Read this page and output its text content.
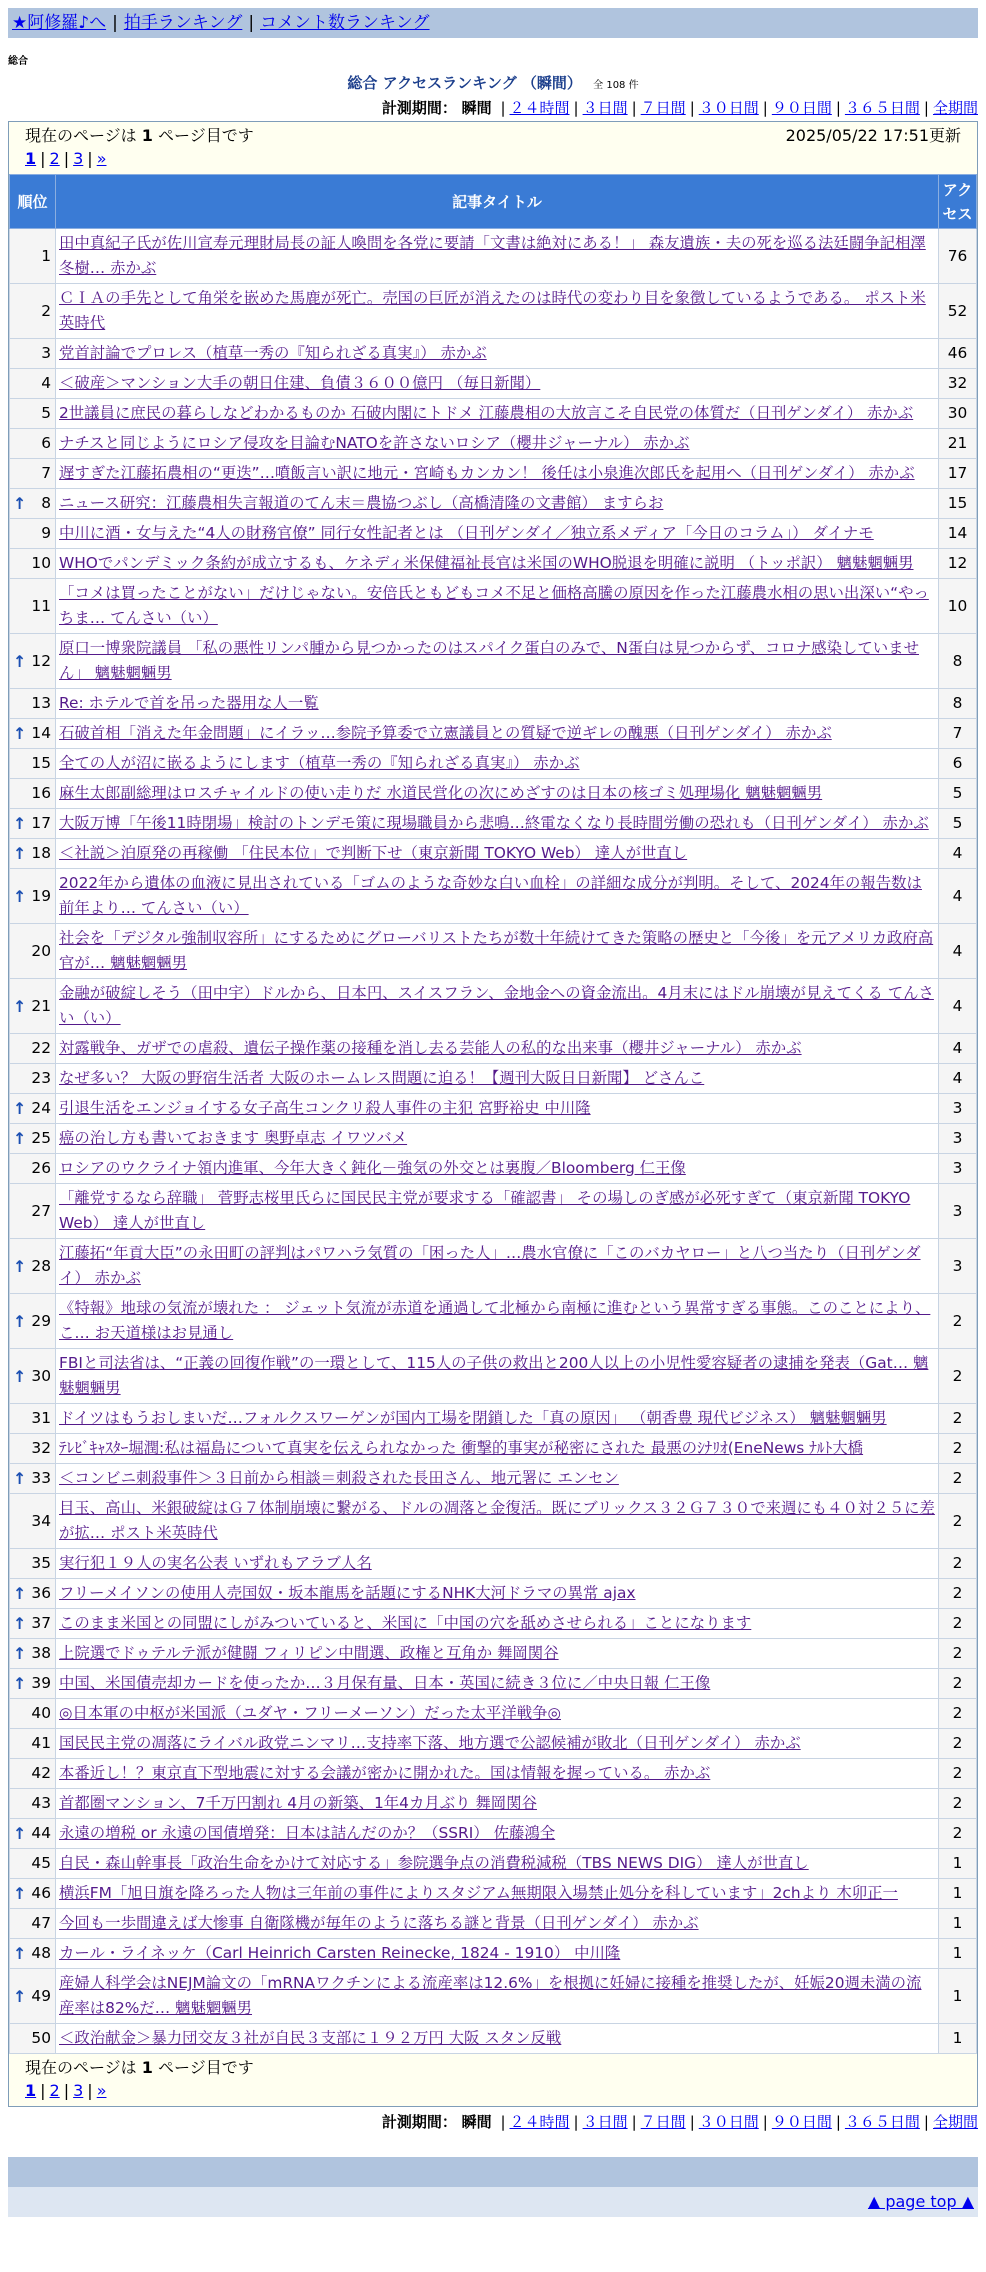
★阿修羅♪へ | 拍手ランキング | コメント数ランキング
総合
総合 アクセスランキング （瞬間） 全 108 件
計測期間： 瞬間 | ２４時間 | ３日間 | ７日間 | ３０日間 | ９０日間 | ３６５日間 | 全期間
現在のページは 1 ページ目です	2025/05/22 17:51更新
1 | 2 | 3 | »
順位	記事タイトル	アクセス
1	田中真紀子氏が佐川宣寿元理財局長の証人喚問を各党に要請「文書は絶対にある！」 森友遺族・夫の死を巡る法廷闘争記相澤冬樹… 赤かぶ	76
2	ＣＩＡの手先として角栄を嵌めた馬鹿が死亡。売国の巨匠が消えたのは時代の変わり目を象徴しているようである。 ポスト米英時代	52
3	党首討論でプロレス（植草一秀の『知られざる真実』） 赤かぶ	46
4	＜破産＞マンション大手の朝日住建、負債３６００億円 （毎日新聞）	32
5	2世議員に庶民の暮らしなどわかるものか 石破内閣にトドメ 江藤農相の大放言こそ自民党の体質だ（日刊ゲンダイ） 赤かぶ	30
6	ナチスと同じようにロシア侵攻を目論むNATOを許さないロシア（櫻井ジャーナル） 赤かぶ	21
7	遅すぎた江藤拓農相の“更迭”…噴飯言い訳に地元・宮崎もカンカン！ 後任は小泉進次郎氏を起用へ（日刊ゲンダイ） 赤かぶ	17

↑ 8	ニュース研究：江藤農相失言報道のてん末＝農協つぶし（高橋清隆の文書館） ますらお	15
9	中川に酒・女与えた“4人の財務官僚” 同行女性記者とは （日刊ゲンダイ／独立系メディア「今日のコラム」） ダイナモ	14
10	WHOでパンデミック条約が成立するも、ケネディ米保健福祉長官は米国のWHO脱退を明確に説明 （トッポ訳） 魑魅魍魎男	12
11	「コメは買ったことがない」だけじゃない。安倍氏ともどもコメ不足と価格高騰の原因を作った江藤農水相の思い出深い“やっちま… てんさい（い）	10

↑ 12	原口一博衆院議員 「私の悪性リンパ腫から見つかったのはスパイク蛋白のみで、N蛋白は見つからず、コロナ感染していません」 魑魅魍魎男	8
13	Re: ホテルで首を吊った器用な人一覧	8

↑ 14	石破首相「消えた年金問題」にイラッ…参院予算委で立憲議員との質疑で逆ギレの醜悪（日刊ゲンダイ） 赤かぶ	7
15	全ての人が沼に嵌るようにします（植草一秀の『知られざる真実』） 赤かぶ	6
16	麻生太郎副総理はロスチャイルドの使い走りだ 水道民営化の次にめざすのは日本の核ゴミ処理場化 魑魅魍魎男	5

↑ 17	大阪万博「午後11時閉場」検討のトンデモ策に現場職員から悲鳴…終電なくなり長時間労働の恐れも（日刊ゲンダイ） 赤かぶ	5

↑ 18	＜社説＞泊原発の再稼働 「住民本位」で判断下せ（東京新聞 TOKYO Web） 達人が世直し	4

↑ 19	2022年から遺体の血液に見出されている「ゴムのような奇妙な白い血栓」の詳細な成分が判明。そして、2024年の報告数は前年より… てんさい（い）	4
20	社会を「デジタル強制収容所」にするためにグローバリストたちが数十年続けてきた策略の歴史と「今後」を元アメリカ政府高官が… 魑魅魍魎男	4

↑ 21	金融が破綻しそう（田中宇）ドルから、日本円、スイスフラン、金地金への資金流出。4月末にはドル崩壊が見えてくる てんさい（い）	4
22	対露戦争、ガザでの虐殺、遺伝子操作薬の接種を消し去る芸能人の私的な出来事（櫻井ジャーナル） 赤かぶ	4
23	なぜ多い？ 大阪の野宿生活者 大阪のホームレス問題に迫る！【週刊大阪日日新聞】 どさんこ	4

↑ 24	引退生活をエンジョイする女子高生コンクリ殺人事件の主犯 宮野裕史 中川隆	3

↑ 25	癌の治し方も書いておきます 奥野卓志 イワツバメ	3
26	ロシアのウクライナ領内進軍、今年大きく鈍化－強気の外交とは裏腹／Bloomberg 仁王像	3
27	「離党するなら辞職」 菅野志桜里氏らに国民民主党が要求する「確認書」 その場しのぎ感が必死すぎて（東京新聞 TOKYO Web） 達人が世直し	3

↑ 28	江藤拓“年貢大臣”の永田町の評判はパワハラ気質の「困った人」…農水官僚に「このバカヤロー」と八つ当たり（日刊ゲンダイ） 赤かぶ	3

↑ 29	《特報》地球の気流が壊れた ： ジェット気流が赤道を通過して北極から南極に進むという異常すぎる事態。このことにより、こ… お天道様はお見通し	2

↑ 30	FBIと司法省は、“正義の回復作戦”の一環として、115人の子供の救出と200人以上の小児性愛容疑者の逮捕を発表（Gat… 魑魅魍魎男	2
31	ドイツはもうおしまいだ…フォルクスワーゲンが国内工場を閉鎖した「真の原因」 （朝香豊 現代ビジネス） 魑魅魍魎男	2
32	ﾃﾚﾋﾞｷｬｽﾀｰ堀潤:私は福島について真実を伝えられなかった 衝撃的事実が秘密にされた 最悪のｼﾅﾘｵ(EneNews ﾅﾙﾄ大橋	2

↑ 33	＜コンビニ刺殺事件＞３日前から相談＝刺殺された長田さん、地元署に エンセン	2
34	目玉、高山、米銀破綻はＧ７体制崩壊に繋がる、ドルの凋落と金復活。既にブリックス３２Ｇ７３０で来週にも４０対２５に差が拡… ポスト米英時代	2
35	実行犯１９人の実名公表 いずれもアラブ人名	2

↑ 36	フリーメイソンの使用人売国奴・坂本龍馬を話題にするNHK大河ドラマの異常 ajax	2

↑ 37	このまま米国との同盟にしがみついていると、米国に「中国の穴を舐めさせられる」ことになります	2

↑ 38	上院選でドゥテルテ派が健闘 フィリピン中間選、政権と互角か 舞岡関谷	2

↑ 39	中国、米国債売却カードを使ったか…３月保有量、日本・英国に続き３位に／中央日報 仁王像	2
40	◎日本軍の中枢が米国派（ユダヤ・フリーメーソン）だった太平洋戦争◎	2
41	国民民主党の凋落にライバル政党ニンマリ…支持率下落、地方選で公認候補が敗北（日刊ゲンダイ） 赤かぶ	2
42	本番近し！？東京直下型地震に対する会議が密かに開かれた。国は情報を握っている。 赤かぶ	2
43	首都圏マンション、7千万円割れ 4月の新築、1年4カ月ぶり 舞岡関谷	2

↑ 44	永遠の増税 or 永遠の国債増発：日本は詰んだのか？（SSRI） 佐藤鴻全	2
45	自民・森山幹事長「政治生命をかけて対応する」参院選争点の消費税減税（TBS NEWS DIG） 達人が世直し	1

↑ 46	横浜FM「旭日旗を降ろった人物は三年前の事件によりスタジアム無期限入場禁止処分を科しています」2chより 木卯正一	1
47	今回も一歩間違えば大惨事 自衛隊機が毎年のように落ちる謎と背景（日刊ゲンダイ） 赤かぶ	1

↑ 48	カール・ライネッケ（Carl Heinrich Carsten Reinecke, 1824 - 1910） 中川隆	1

↑ 49	産婦人科学会はNEJM論文の「mRNAワクチンによる流産率は12.6%」を根拠に妊婦に接種を推奨したが、妊娠20週未満の流産率は82%だ… 魑魅魍魎男	1
50	＜政治献金＞暴力団交友３社が自民３支部に１９２万円 大阪 スタン反戦	1
現在のページは 1 ページ目です
1 | 2 | 3 | »
計測期間： 瞬間 | ２４時間 | ３日間 | ７日間 | ３０日間 | ９０日間 | ３６５日間 | 全期間
▲ page top ▲
